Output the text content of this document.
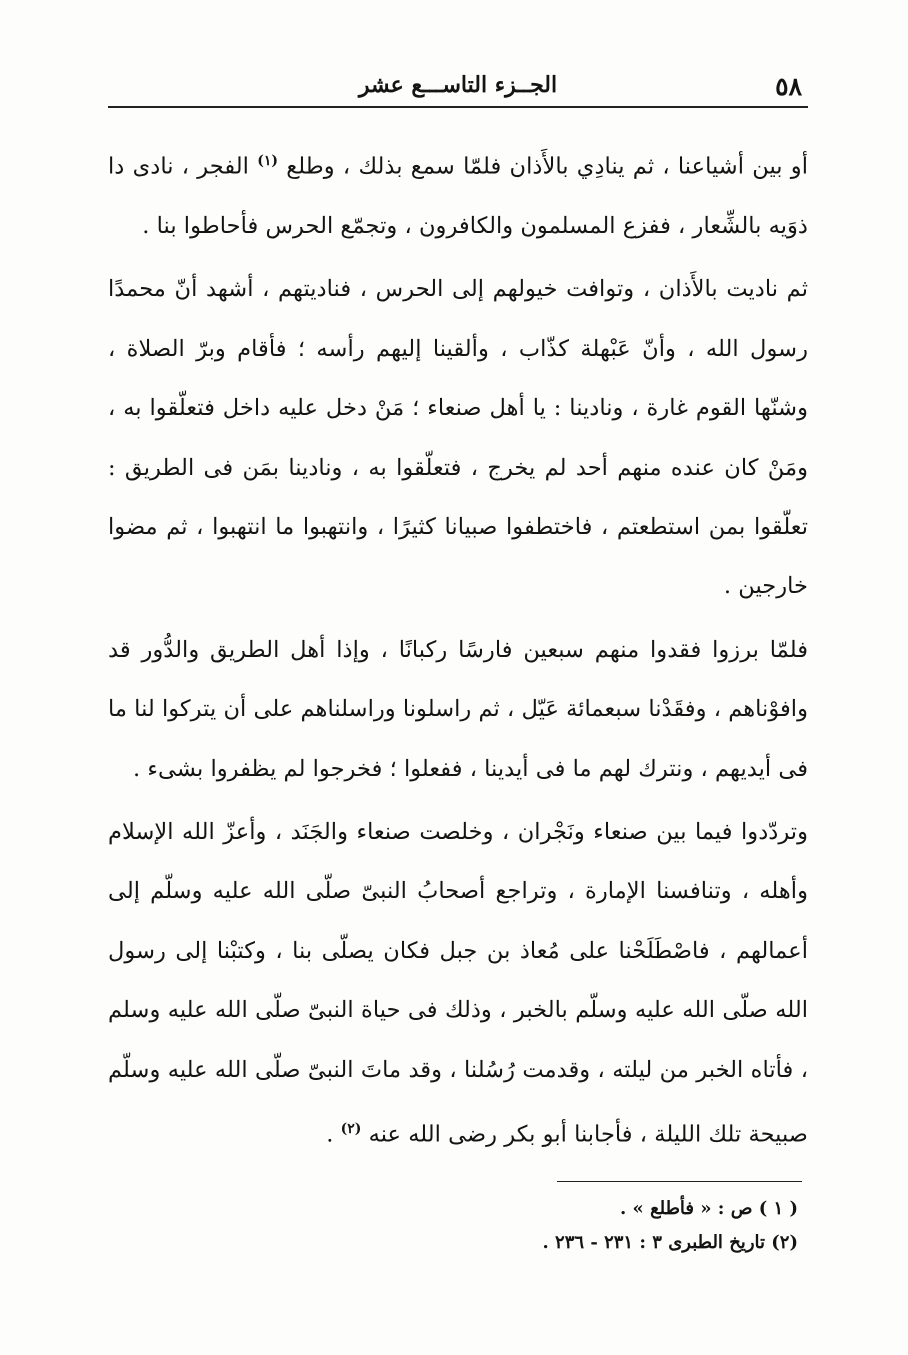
٥٨
الجــزء التاســـع عشر

أو بين أشياعنا ، ثم ينادِي بالأَذان فلمّا سمع بذلك ، وطلع $^{(١)}$ الفجر ، نادى دا ذوَيه بالشِّعار ، ففزع المسلمون والكافرون ، وتجمّع الحرس فأحاطوا بنا .

ثم ناديت بالأَذان ، وتوافت خيولهم إلى الحرس ، فناديتهم ، أشهد أنّ محمدًا رسول الله ، وأنّ عَبْهلة كذّاب ، وألقينا إليهم رأسه ؛ فأقام وبرّ الصلاة ، وشنّها القوم غارة ، ونادينا : يا أهل صنعاء ؛ مَنْ دخل عليه داخل فتعلّقوا به ، ومَنْ كان عنده منهم أحد لم يخرج ، فتعلّقوا به ، ونادينا بمَن فى الطريق : تعلّقوا بمن استطعتم ، فاختطفوا صبيانا كثيرًا ، وانتهبوا ما انتهبوا ، ثم مضوا خارجين .

فلمّا برزوا فقدوا منهم سبعين فارسًا ركبانًا ، وإذا أهل الطريق والدُّور قد وافوْناهم ، وفقَدْنا سبعمائة عَيّل ، ثم راسلونا وراسلناهم على أن يتركوا لنا ما فى أيديهم ، ونترك لهم ما فى أيدينا ، ففعلوا ؛ فخرجوا لم يظفروا بشىء .

وتردّدوا فيما بين صنعاء ونَجْران ، وخلصت صنعاء والجَنَد ، وأعزّ الله الإسلام وأهله ، وتنافسنا الإمارة ، وتراجع أصحابُ النبىّ صلّى الله عليه وسلّم إلى أعمالهم ، فاصْطَلَحْنا على مُعاذ بن جبل فكان يصلّى بنا ، وكتبْنا إلى رسول الله صلّى الله عليه وسلّم بالخبر ، وذلك فى حياة النبىّ صلّى الله عليه وسلم ، فأتاه الخبر من ليلته ، وقدمت رُسُلنا ، وقد ماتَ النبىّ صلّى الله عليه وسلّم صبيحة تلك الليلة ، فأجابنا أبو بكر رضى الله عنه $^{(٢)}$ .

( ١ ) ص : « فأطلع » .
(٢) تاريخ الطبرى ٣ : ٢٣١ - ٢٣٦ .
